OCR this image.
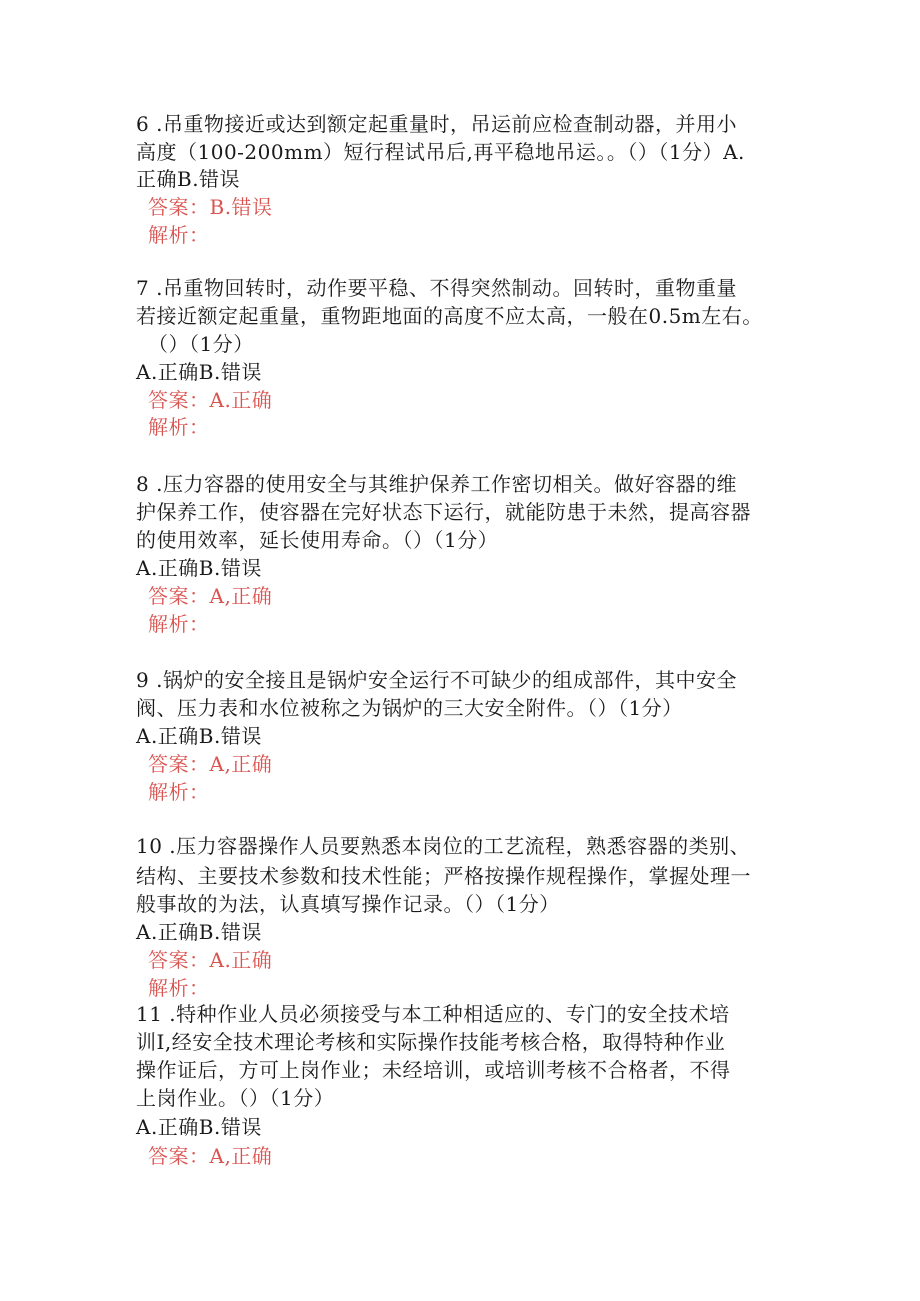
6 .吊重物接近或达到额定起重量时，吊运前应检查制动器，并用小
高度（100-200mm）短行程试吊后,再平稳地吊运。。（）（1分）A.
正确B.错误
答案：B.错误
解析：
7 .吊重物回转时，动作要平稳、不得突然制动。回转时，重物重量
若接近额定起重量，重物距地面的高度不应太高，一般在0.5m左右。
（）（1分）
A.正确B.错误
答案：A.正确
解析：
8 .压力容器的使用安全与其维护保养工作密切相关。做好容器的维
护保养工作，使容器在完好状态下运行，就能防患于未然，提高容器
的使用效率，延长使用寿命。（）（1分）
A.正确B.错误
答案：A,正确
解析：
9 .锅炉的安全接且是锅炉安全运行不可缺少的组成部件，其中安全
阀、压力表和水位被称之为锅炉的三大安全附件。（）（1分）
A.正确B.错误
答案：A,正确
解析：
10 .压力容器操作人员要熟悉本岗位的工艺流程，熟悉容器的类别、
结构、主要技术参数和技术性能；严格按操作规程操作，掌握处理一
般事故的为法，认真填写操作记录。（）（1分）
A.正确B.错误
答案：A.正确
解析：
11 .特种作业人员必须接受与本工种相适应的、专门的安全技术培
训I,经安全技术理论考核和实际操作技能考核合格，取得特种作业
操作证后，方可上岗作业；未经培训，或培训考核不合格者，不得
上岗作业。（）（1分）
A.正确B.错误
答案：A,正确
